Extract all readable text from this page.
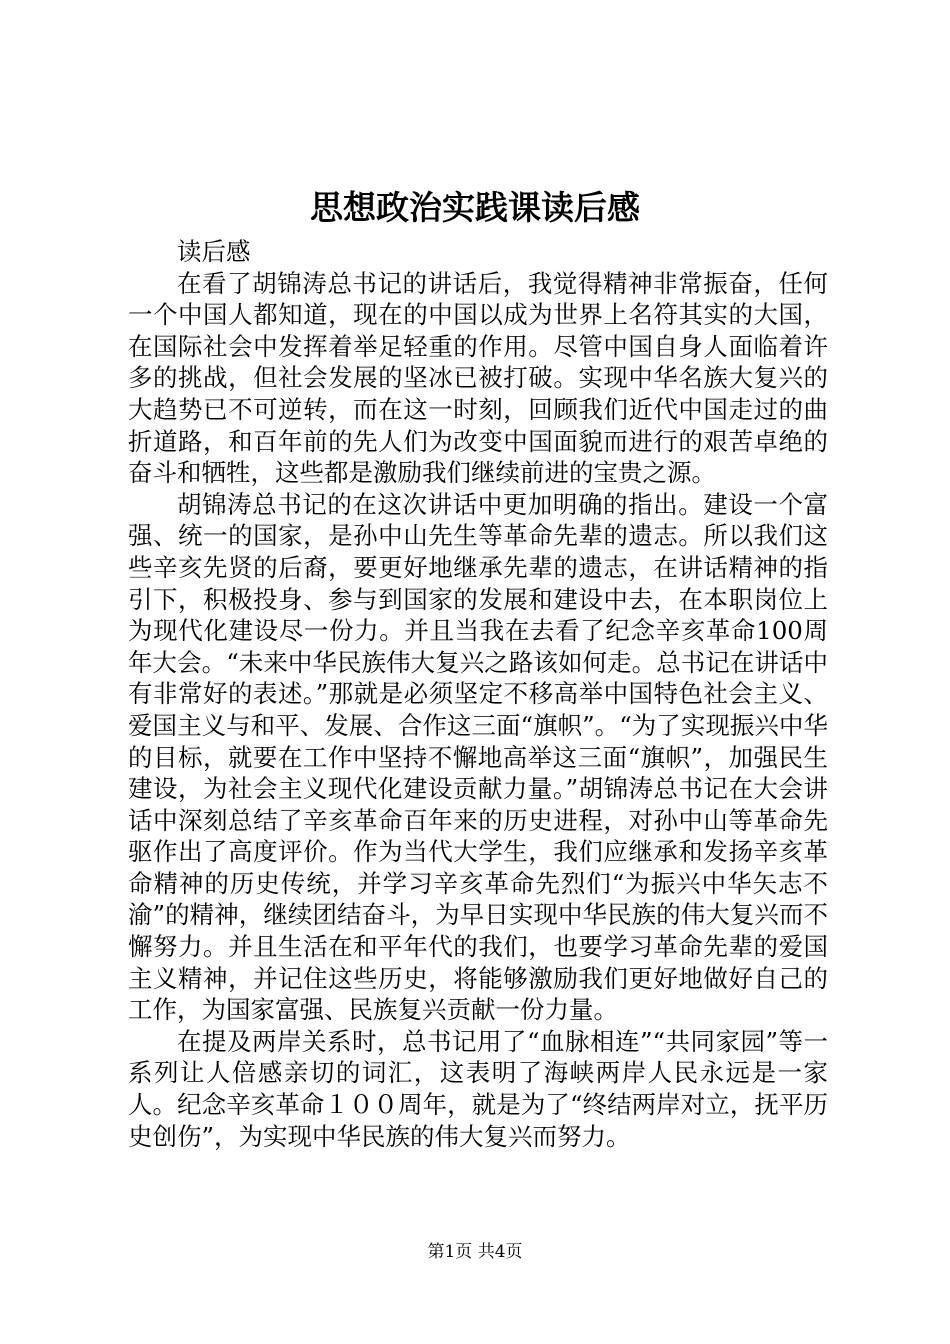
思想政治实践课读后感

读后感

在看了胡锦涛总书记的讲话后，我觉得精神非常振奋，任何一个中国人都知道，现在的中国以成为世界上名符其实的大国，在国际社会中发挥着举足轻重的作用。尽管中国自身人面临着许多的挑战，但社会发展的坚冰已被打破。实现中华名族大复兴的大趋势已不可逆转，而在这一时刻，回顾我们近代中国走过的曲折道路，和百年前的先人们为改变中国面貌而进行的艰苦卓绝的奋斗和牺牲，这些都是激励我们继续前进的宝贵之源。

胡锦涛总书记的在这次讲话中更加明确的指出。建设一个富强、统一的国家，是孙中山先生等革命先辈的遗志。所以我们这些辛亥先贤的后裔，要更好地继承先辈的遗志，在讲话精神的指引下，积极投身、参与到国家的发展和建设中去，在本职岗位上为现代化建设尽一份力。并且当我在去看了纪念辛亥革命100周年大会。“未来中华民族伟大复兴之路该如何走。总书记在讲话中有非常好的表述。”那就是必须坚定不移高举中国特色社会主义、爱国主义与和平、发展、合作这三面“旗帜”。“为了实现振兴中华的目标，就要在工作中坚持不懈地高举这三面“旗帜”，加强民生建设，为社会主义现代化建设贡献力量。”胡锦涛总书记在大会讲话中深刻总结了辛亥革命百年来的历史进程，对孙中山等革命先驱作出了高度评价。作为当代大学生，我们应继承和发扬辛亥革命精神的历史传统，并学习辛亥革命先烈们“为振兴中华矢志不渝”的精神，继续团结奋斗，为早日实现中华民族的伟大复兴而不懈努力。并且生活在和平年代的我们，也要学习革命先辈的爱国主义精神，并记住这些历史，将能够激励我们更好地做好自己的工作，为国家富强、民族复兴贡献一份力量。

在提及两岸关系时，总书记用了“血脉相连”“共同家园”等一系列让人倍感亲切的词汇，这表明了海峡两岸人民永远是一家人。纪念辛亥革命１００周年，就是为了“终结两岸对立，抚平历史创伤”，为实现中华民族的伟大复兴而努力。

第1页 共4页
